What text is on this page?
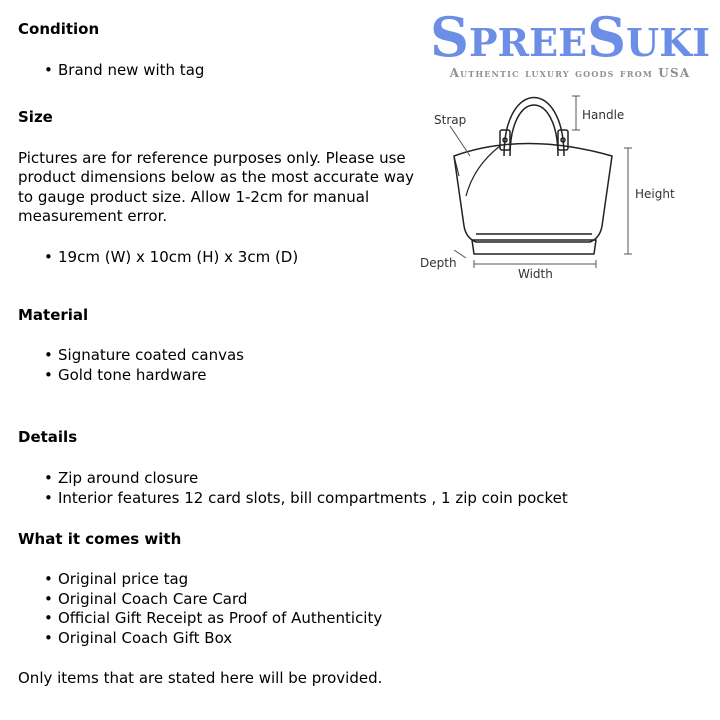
SpreeSuki
Authentic luxury goods from USA
Strap	Handle
Height
Depth
Width
Condition
• Brand new with tag
Size

Pictures are for reference purposes only. Please use product dimensions below as the most accurate way to gauge product size. Allow 1-2cm for manual measurement error.

• 19cm (W) x 10cm (H) x 3cm (D)
Material
• Signature coated canvas
• Gold tone hardware
Details
• Zip around closure
• Interior features 12 card slots, bill compartments , 1 zip coin pocket
What it comes with
• Original price tag
• Original Coach Care Card
• Official Gift Receipt as Proof of Authenticity
• Original Coach Gift Box

Only items that are stated here will be provided.
